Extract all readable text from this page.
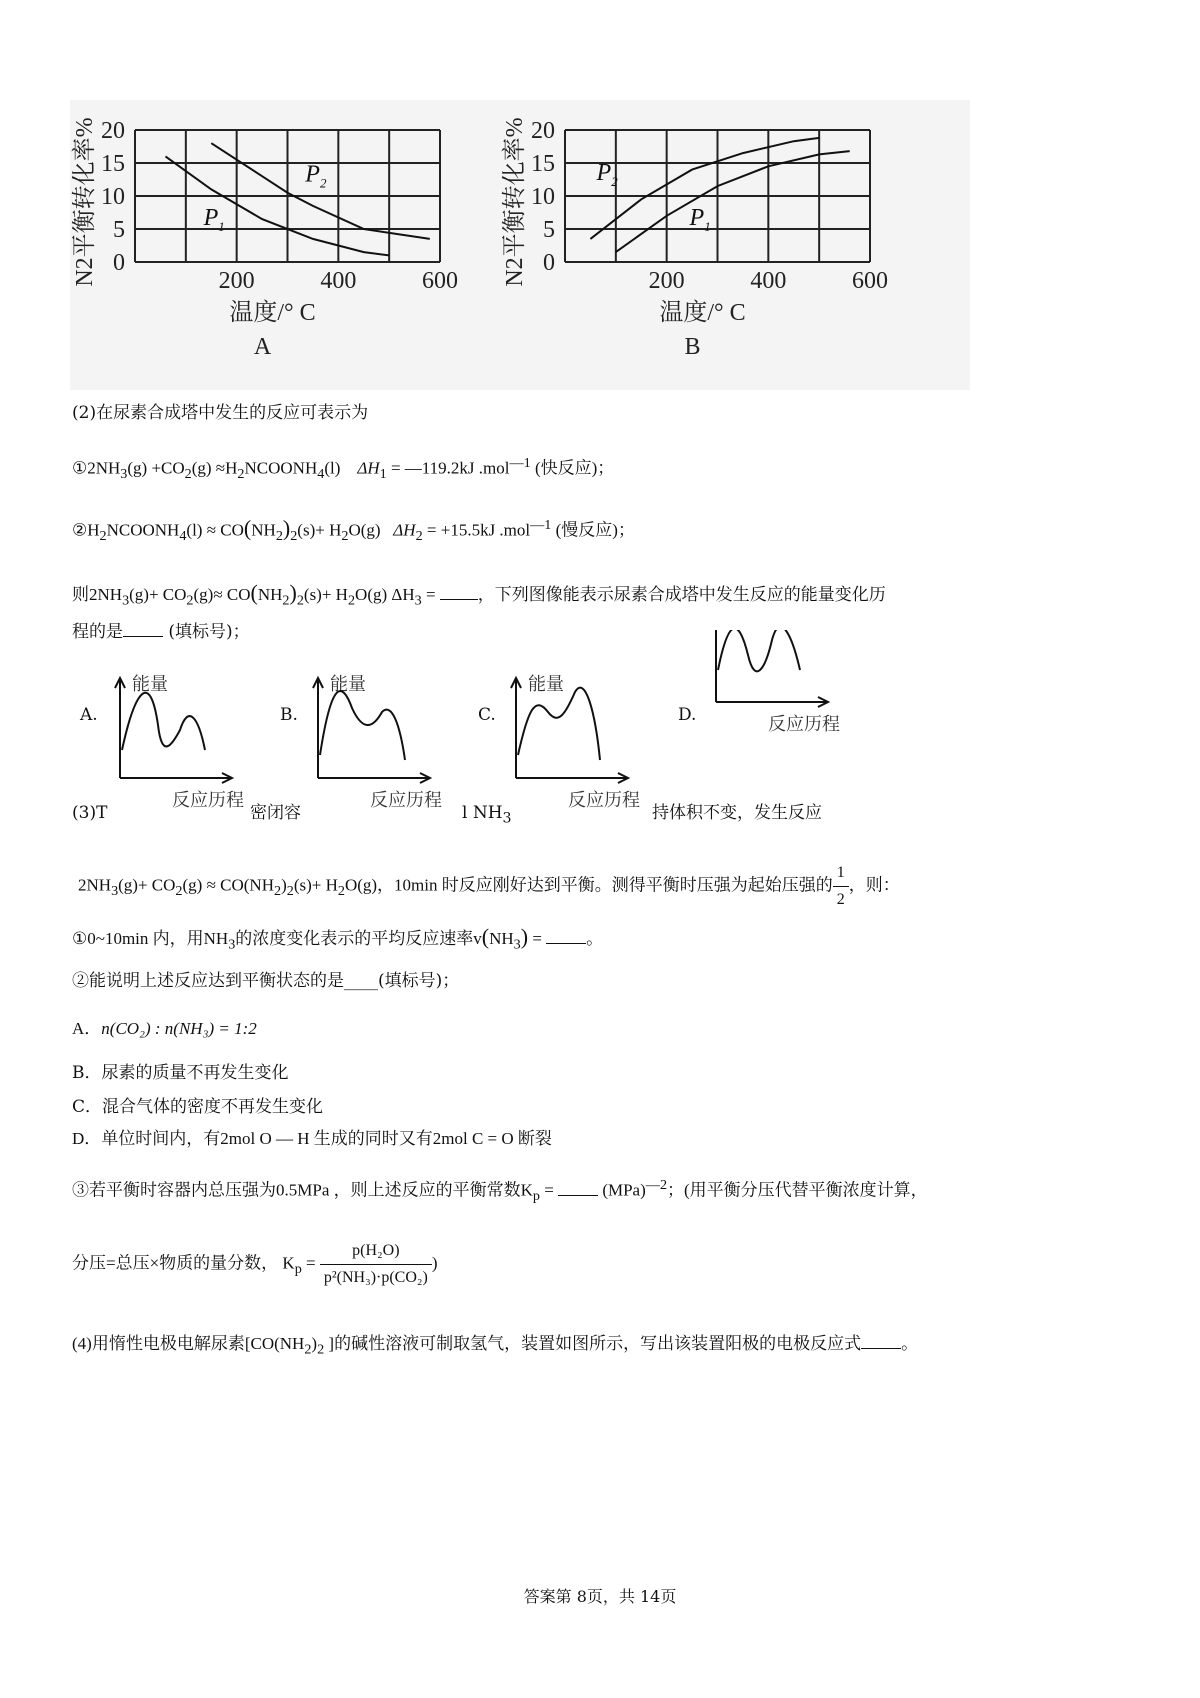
0
5
10
15
20
200	400	600
N2平衡转化率%
温度/° C
A
$P_1$
$P_2$
0
5
10
15
20
200	400	600
N2平衡转化率%
温度/° C
B
$P_2$
$P_1$
(2)在尿素合成塔中发生的反应可表示为
$①2NH_3(g) +CO_2(g)$ $\approx H_2NCOONH_4(l) \Delta H_1$ = —119.2kJ .mol$^{—1}$ (快反应)；
$②H_2NCOONH_4(l) \approx CO(NH_2)_2(s)+ H_2O(g) \Delta H_2 = +15.5kJ$ .mol$^{—1}$ (慢反应)；
则$2NH_3(g)+ CO_2(g)\approx CO(NH_2)_2(s)+ H_2O(g) \Delta H_3$ = ，下列图像能表示尿素合成塔中发生反应的能量变化历
程的是 (填标号)；
A.	B.	C.	D.
能量
反应历程
能量
反应历程
能量
反应历程
反应历程
(3)T	密闭容	l $NH_3$	持体积不变，发生反应
$2NH_3(g)+ CO_2(g) \approx CO(NH_2)_2(s)+ H_2O(g)$，10min 时反应刚好达到平衡。测得平衡时压强为起始压强的 $\frac{1}{2}$ ，则：
①0~10min 内，用$NH_3$的浓度变化表示的平均反应速率$v(NH_3)$ = 。
②能说明上述反应达到平衡状态的是____(填标号)；
A．n(CO₂) : n(NH₃) = 1:2
B．尿素的质量不再发生变化
C．混合气体的密度不再发生变化
D．单位时间内，有2mol O — H 生成的同时又有2mol C = O 断裂
③若平衡时容器内总压强为0.5MPa ，则上述反应的平衡常数$K_p = (MPa)^{—2}$；(用平衡分压代替平衡浓度计算，
分压=总压×物质的量分数， $K_p = \frac{\text{p(H₂O)}}{\text{p²(NH₃)·p(CO₂)}}$ )
(4)用惰性电极电解尿素[$CO(NH_2)_2$ ]的碱性溶液可制取氢气，装置如图所示，写出该装置阳极的电极反应式 。
答案第 8页，共 14页
